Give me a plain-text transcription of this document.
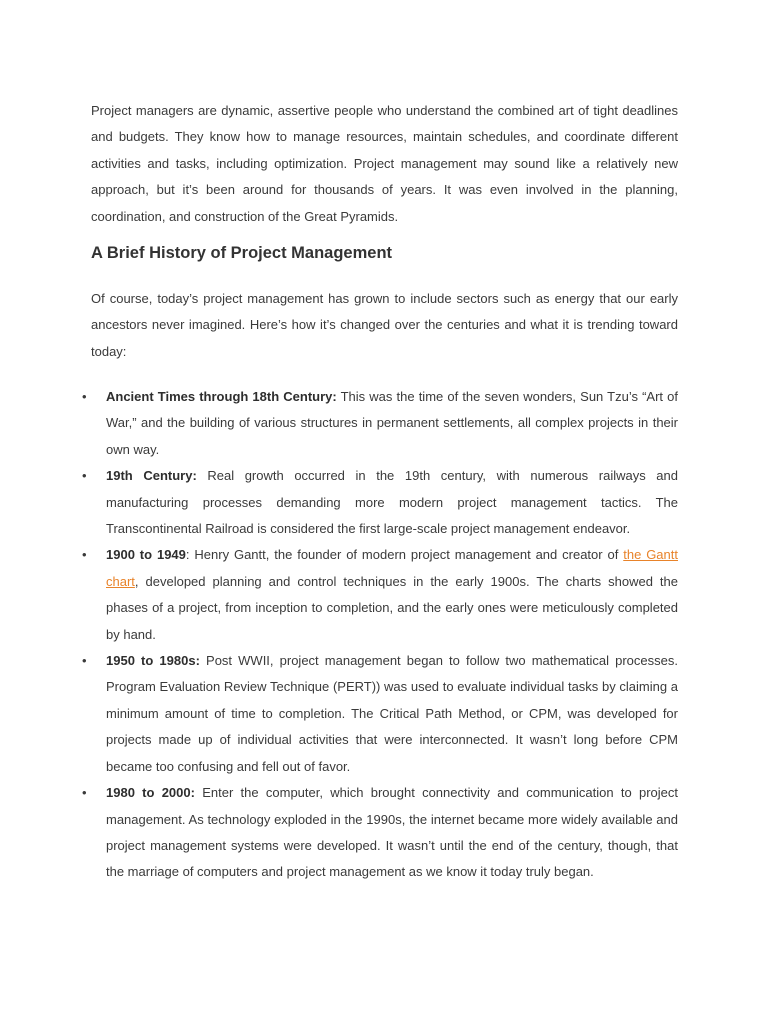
Project managers are dynamic, assertive people who understand the combined art of tight deadlines and budgets. They know how to manage resources, maintain schedules, and coordinate different activities and tasks, including optimization. Project management may sound like a relatively new approach, but it’s been around for thousands of years. It was even involved in the planning, coordination, and construction of the Great Pyramids.

A Brief History of Project Management

Of course, today’s project management has grown to include sectors such as energy that our early ancestors never imagined. Here’s how it’s changed over the centuries and what it is trending toward today:

• Ancient Times through 18th Century: This was the time of the seven wonders, Sun Tzu’s “Art of War,” and the building of various structures in permanent settlements, all complex projects in their own way.
• 19th Century: Real growth occurred in the 19th century, with numerous railways and manufacturing processes demanding more modern project management tactics. The Transcontinental Railroad is considered the first large-scale project management endeavor.
• 1900 to 1949: Henry Gantt, the founder of modern project management and creator of the Gantt chart, developed planning and control techniques in the early 1900s. The charts showed the phases of a project, from inception to completion, and the early ones were meticulously completed by hand.
• 1950 to 1980s: Post WWII, project management began to follow two mathematical processes. Program Evaluation Review Technique (PERT)) was used to evaluate individual tasks by claiming a minimum amount of time to completion. The Critical Path Method, or CPM, was developed for projects made up of individual activities that were interconnected. It wasn’t long before CPM became too confusing and fell out of favor.
• 1980 to 2000: Enter the computer, which brought connectivity and communication to project management. As technology exploded in the 1990s, the internet became more widely available and project management systems were developed. It wasn’t until the end of the century, though, that the marriage of computers and project management as we know it today truly began.
